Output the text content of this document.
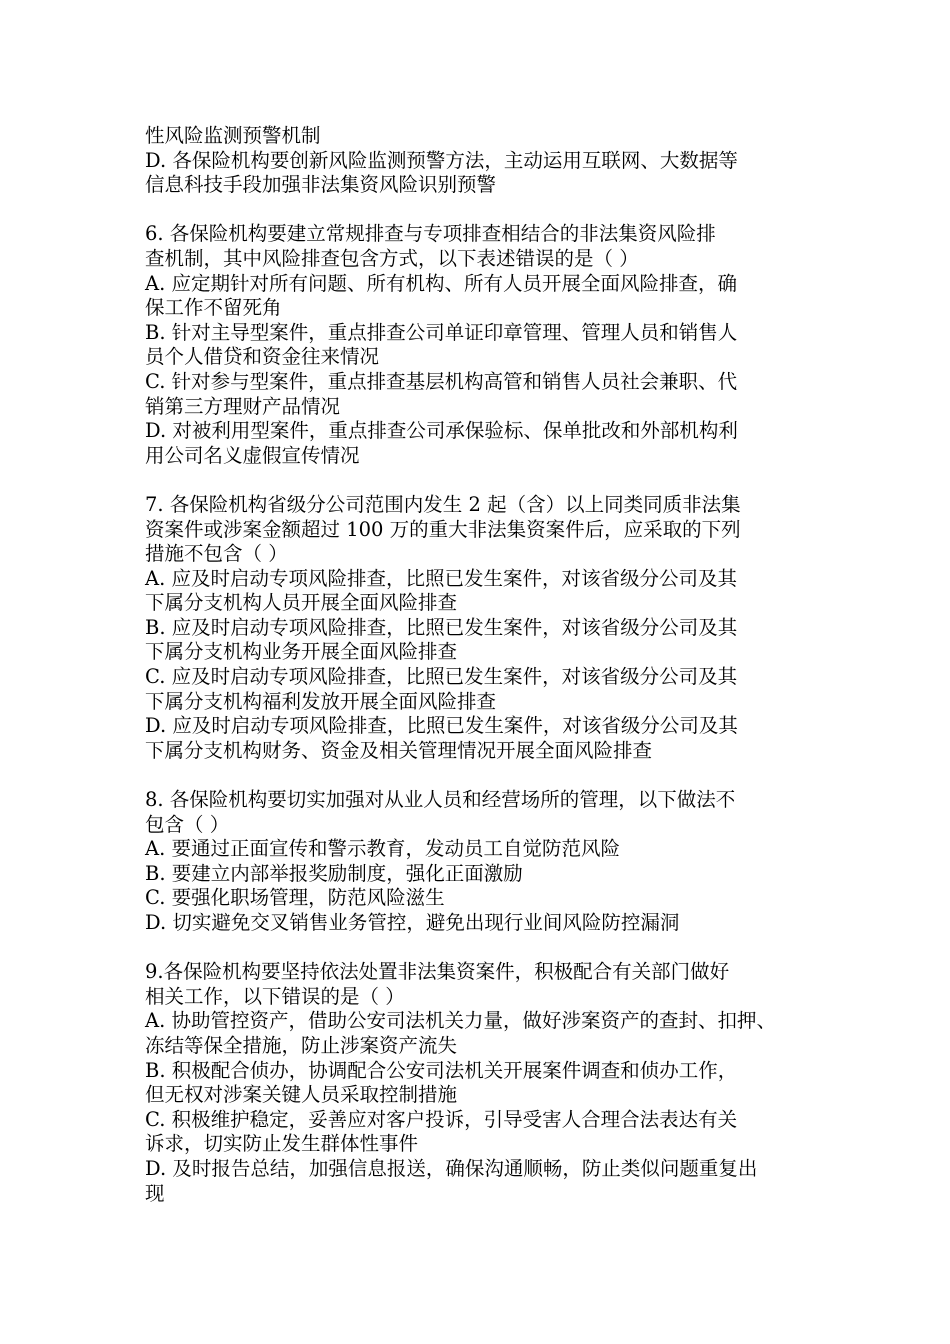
性风险监测预警机制
D. 各保险机构要创新风险监测预警方法，主动运用互联网、大数据等
信息科技手段加强非法集资风险识别预警
6. 各保险机构要建立常规排查与专项排查相结合的非法集资风险排
查机制，其中风险排查包含方式，以下表述错误的是（ ）
A. 应定期针对所有问题、所有机构、所有人员开展全面风险排查，确
保工作不留死角
B. 针对主导型案件，重点排查公司单证印章管理、管理人员和销售人
员个人借贷和资金往来情况
C. 针对参与型案件，重点排查基层机构高管和销售人员社会兼职、代
销第三方理财产品情况
D. 对被利用型案件，重点排查公司承保验标、保单批改和外部机构利
用公司名义虚假宣传情况
7. 各保险机构省级分公司范围内发生 2 起（含）以上同类同质非法集
资案件或涉案金额超过 100 万的重大非法集资案件后，应采取的下列
措施不包含（ ）
A. 应及时启动专项风险排查，比照已发生案件，对该省级分公司及其
下属分支机构人员开展全面风险排查
B. 应及时启动专项风险排查，比照已发生案件，对该省级分公司及其
下属分支机构业务开展全面风险排查
C. 应及时启动专项风险排查，比照已发生案件，对该省级分公司及其
下属分支机构福利发放开展全面风险排查
D. 应及时启动专项风险排查，比照已发生案件，对该省级分公司及其
下属分支机构财务、资金及相关管理情况开展全面风险排查
8. 各保险机构要切实加强对从业人员和经营场所的管理，以下做法不
包含（ ）
A. 要通过正面宣传和警示教育，发动员工自觉防范风险
B. 要建立内部举报奖励制度，强化正面激励
C. 要强化职场管理，防范风险滋生
D. 切实避免交叉销售业务管控，避免出现行业间风险防控漏洞
9.各保险机构要坚持依法处置非法集资案件，积极配合有关部门做好
相关工作，以下错误的是（ ）
A. 协助管控资产，借助公安司法机关力量，做好涉案资产的查封、扣押、
冻结等保全措施，防止涉案资产流失
B. 积极配合侦办，协调配合公安司法机关开展案件调查和侦办工作，
但无权对涉案关键人员采取控制措施
C. 积极维护稳定，妥善应对客户投诉，引导受害人合理合法表达有关
诉求，切实防止发生群体性事件
D. 及时报告总结，加强信息报送，确保沟通顺畅，防止类似问题重复出
现
